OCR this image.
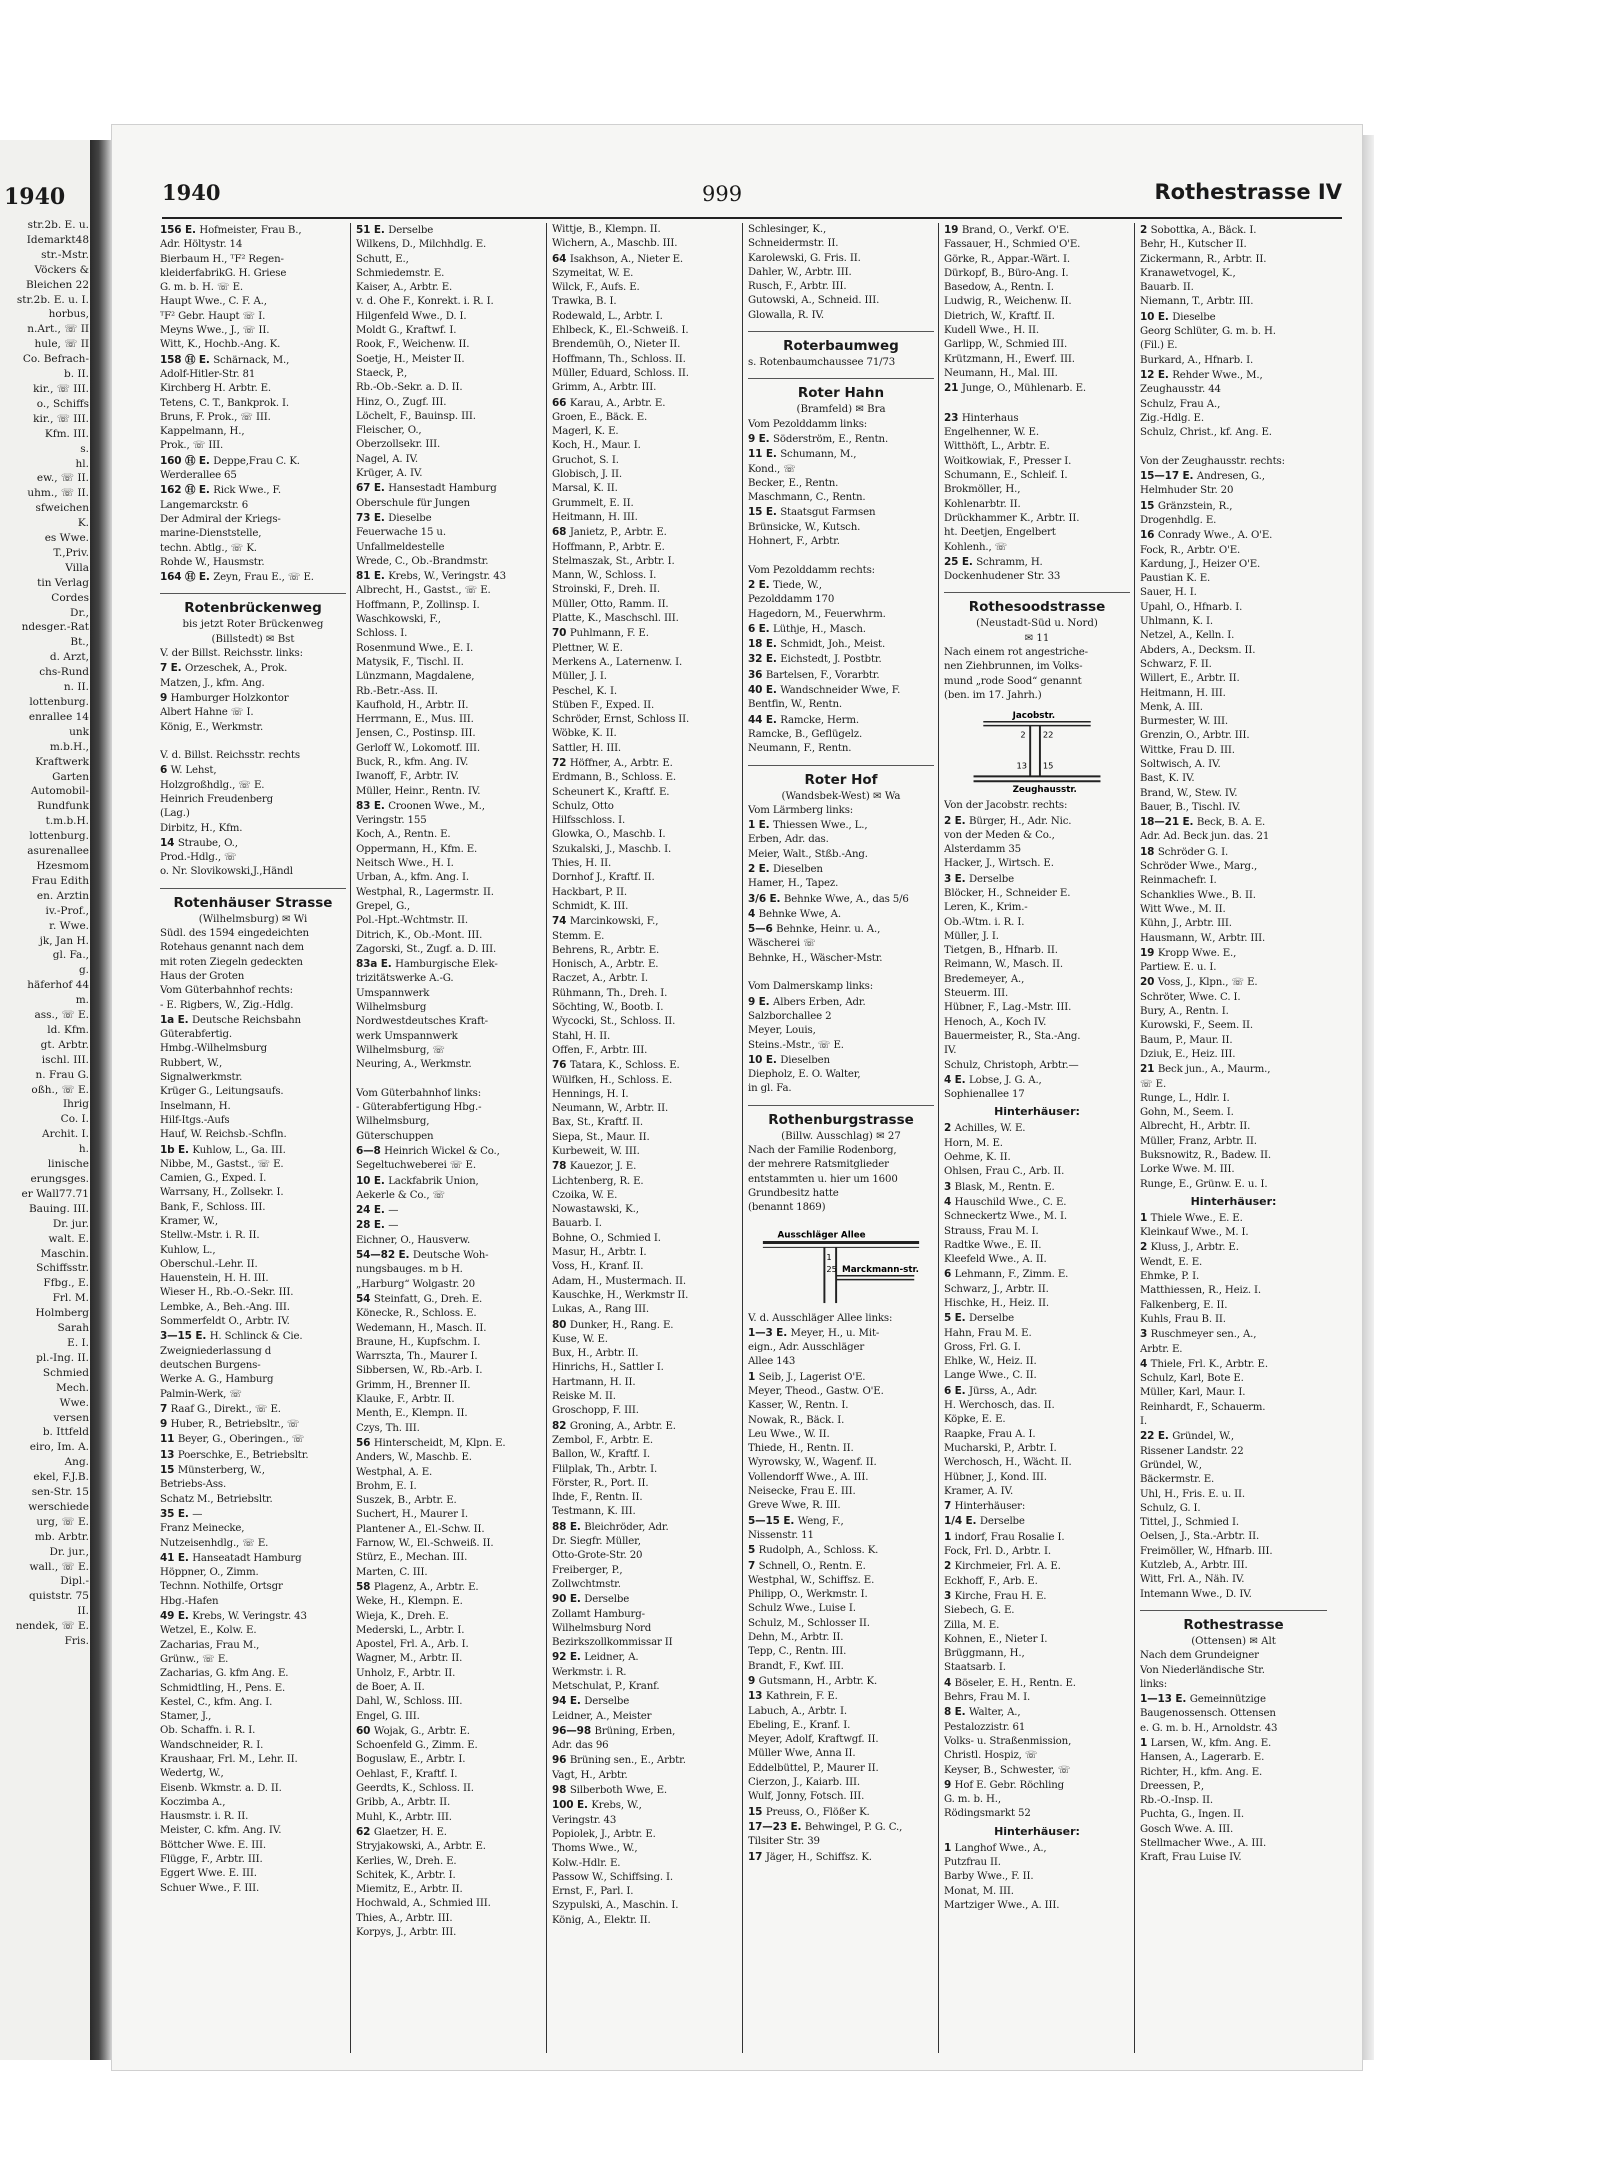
1940
str.2b. E. u.
Idemarkt48
str.-Mstr.
Vöckers &
Bleichen 22
str.2b. E. u. I.
horbus,
n.Art., ☏ II
hule, ☏ II
Co. Befrach-
b. II.
kir., ☏ III.
o., Schiffs
kir., ☏ III.
Kfm. III.
s.
hl.
ew., ☏ II.
uhm., ☏ II.
sfweichen
K.
es Wwe.
T.,Priv.
Villa
tin Verlag
Cordes
Dr.,
ndesger.-Rat
Bt.,
d. Arzt,
chs-Rund
n. II.
lottenburg.
enrallee 14
unk
m.b.H.,
Kraftwerk
Garten
Automobil-
Rundfunk
t.m.b.H.
lottenburg.
asurenallee
Hzesmom
Frau Edith
en. Arztin
iv.-Prof.,
r. Wwe.
jk, Jan H.
gl. Fa.,
g.
häferhof 44
m.
ass., ☏ E.
ld. Kfm.
gt. Arbtr.
ischl. III.
n. Frau G.
oßh., ☏ E.
Ihrig
Co. I.
Archit. I.
h.
linische
erungsges.
er Wall77.71
Bauing. III.
Dr. jur.
walt. E.
Maschin.
Schiffsstr.
Ffbg., E.
Frl. M.
Holmberg
Sarah
E. I.
pl.-Ing. II.
Schmied
Mech.
Wwe.
versen
b. Ittfeld
eiro, Im. A.
Ang.
ekel, F.J.B.
sen-Str. 15
werschiede
urg, ☏ E.
mb. Arbtr.
Dr. jur.,
wall., ☏ E.
Dipl.-
quiststr. 75
II.
nendek, ☏ E.
Fris.
1940	999	Rothestrasse IV
156 E. Hofmeister, Frau B.,
Adr. Höltystr. 14
Bierbaum H., ᵀF² Regen-
kleiderfabrikG. H. Griese
G. m. b. H. ☏ E.
Haupt Wwe., C. F. A.,
ᵀF² Gebr. Haupt ☏ I.
Meyns Wwe., J., ☏ II.
Witt, K., Hochb.-Ang. K.
158 Ⓗ E. Schärnack, M.,
Adolf-Hitler-Str. 81
Kirchberg H. Arbtr. E.
Tetens, C. T., Bankprok. I.
Bruns, F. Prok., ☏ III.
Kappelmann, H.,
Prok., ☏ III.
160 Ⓗ E. Deppe,Frau C. K.
Werderallee 65
162 Ⓗ E. Rick Wwe., F.
Langemarckstr. 6
Der Admiral der Kriegs-
marine-Dienststelle,
techn. Abtlg., ☏ K.
Rohde W., Hausmstr.
164 Ⓗ E. Zeyn, Frau E., ☏ E.
Rotenbrückenweg
bis jetzt Roter Brückenweg
(Billstedt) ✉ Bst
V. der Billst. Reichsstr. links:
7 E. Orzeschek, A., Prok.
Matzen, J., kfm. Ang.
9 Hamburger Holzkontor
Albert Hahne ☏ I.
König, E., Werkmstr.

V. d. Billst. Reichsstr. rechts
6 W. Lehst,
Holzgroßhdlg., ☏ E.
Heinrich Freudenberg
(Lag.)
Dirbitz, H., Kfm.
14 Straube, O.,
Prod.-Hdlg., ☏
o. Nr. Slovikowski,J.,Händl
Rotenhäuser Strasse
(Wilhelmsburg) ✉ Wi
Südl. des 1594 eingedeichten
Rotehaus genannt nach dem
mit roten Ziegeln gedeckten
Haus der Groten
Vom Güterbahnhof rechts:
- E. Rigbers, W., Zig.-Hdlg.
1a E. Deutsche Reichsbahn
Güterabfertig.
Hmbg.-Wilhelmsburg
Rubbert, W.,
Signalwerkmstr.
Krüger G., Leitungsaufs.
Inselmann, H.
Hilf-Itgs.-Aufs
Hauf, W. Reichsb.-Schfln.
1b E. Kuhlow, L., Ga. III.
Nibbe, M., Gastst., ☏ E.
Camien, G., Exped. I.
Warrsany, H., Zollsekr. I.
Bank, F., Schloss. III.
Kramer, W.,
Stellw.-Mstr. i. R. II.
Kuhlow, L.,
Oberschul.-Lehr. II.
Hauenstein, H. H. III.
Wieser H., Rb.-O.-Sekr. III.
Lembke, A., Beh.-Ang. III.
Sommerfeldt O., Arbtr. IV.
3—15 E. H. Schlinck & Cie.
Zweigniederlassung d
deutschen Burgens-
Werke A. G., Hamburg
Palmin-Werk, ☏
7 Raaf G., Direkt., ☏ E.
9 Huber, R., Betriebsltr., ☏
11 Beyer, G., Oberingen., ☏
13 Poerschke, E., Betriebsltr.
15 Münsterberg, W.,
Betriebs-Ass.
Schatz M., Betriebsltr.
35 E. —
Franz Meinecke,
Nutzeisenhdlg., ☏ E.
41 E. Hanseatadt Hamburg
Höppner, O., Zimm.
Technn. Nothilfe, Ortsgr
Hbg.-Hafen
49 E. Krebs, W. Veringstr. 43
Wetzel, E., Kolw. E.
Zacharias, Frau M.,
Grünw., ☏ E.
Zacharias, G. kfm Ang. E.
Schmidtling, H., Pens. E.
Kestel, C., kfm. Ang. I.
Stamer, J.,
Ob. Schaffn. i. R. I.
Wandschneider, R. I.
Kraushaar, Frl. M., Lehr. II.
Wedertg, W.,
Eisenb. Wkmstr. a. D. II.
Koczimba A.,
Hausmstr. i. R. II.
Meister, C. kfm. Ang. IV.
Böttcher Wwe. E. III.
Flügge, F., Arbtr. III.
Eggert Wwe. E. III.
Schuer Wwe., F. III.
51 E. Derselbe
Wilkens, D., Milchhdlg. E.
Schutt, E.,
Schmiedemstr. E.
Kaiser, A., Arbtr. E.
v. d. Ohe F., Konrekt. i. R. I.
Hilgenfeld Wwe., D. I.
Moldt G., Kraftwf. I.
Rook, F., Weichenw. II.
Soetje, H., Meister II.
Staeck, P.,
Rb.-Ob.-Sekr. a. D. II.
Hinz, O., Zugf. III.
Löchelt, F., Bauinsp. III.
Fleischer, O.,
Oberzollsekr. III.
Nagel, A. IV.
Krüger, A. IV.
67 E. Hansestadt Hamburg
Oberschule für Jungen
73 E. Dieselbe
Feuerwache 15 u.
Unfallmeldestelle
Wrede, C., Ob.-Brandmstr.
81 E. Krebs, W., Veringstr. 43
Albrecht, H., Gastst., ☏ E.
Hoffmann, P., Zollinsp. I.
Waschkowski, F.,
Schloss. I.
Rosenmund Wwe., E. I.
Matysik, F., Tischl. II.
Lünzmann, Magdalene,
Rb.-Betr.-Ass. II.
Kaufhold, H., Arbtr. II.
Herrmann, E., Mus. III.
Jensen, C., Postinsp. III.
Gerloff W., Lokomotf. III.
Buck, R., kfm. Ang. IV.
Iwanoff, F., Arbtr. IV.
Müller, Heinr., Rentn. IV.
83 E. Croonen Wwe., M.,
Veringstr. 155
Koch, A., Rentn. E.
Oppermann, H., Kfm. E.
Neitsch Wwe., H. I.
Urban, A., kfm. Ang. I.
Westphal, R., Lagermstr. II.
Grepel, G.,
Pol.-Hpt.-Wchtmstr. II.
Ditrich, K., Ob.-Mont. III.
Zagorski, St., Zugf. a. D. III.
83a E. Hamburgische Elek-
trizitätswerke A.-G.
Umspannwerk
Wilhelmsburg
Nordwestdeutsches Kraft-
werk Umspannwerk
Wilhelmsburg, ☏
Neuring, A., Werkmstr.

Vom Güterbahnhof links:
- Güterabfertigung Hbg.-
Wilhelmsburg,
Güterschuppen
6—8 Heinrich Wickel & Co.,
Segeltuchweberei ☏ E.
10 E. Lackfabrik Union,
Aekerle & Co., ☏
24 E. —
28 E. —
Eichner, O., Hausverw.
54—82 E. Deutsche Woh-
nungsbauges. m b H.
„Harburg“ Wolgastr. 20
54 Steinfatt, G., Dreh. E.
Könecke, R., Schloss. E.
Wedemann, H., Masch. II.
Braune, H., Kupfschm. I.
Warrszta, Th., Maurer I.
Sibbersen, W., Rb.-Arb. I.
Grimm, H., Brenner II.
Klauke, F., Arbtr. II.
Menth, E., Klempn. II.
Czys, Th. III.
56 Hinterscheidt, M, Klpn. E.
Anders, W., Maschb. E.
Westphal, A. E.
Brohm, E. I.
Suszek, B., Arbtr. E.
Suchert, H., Maurer I.
Plantener A., El.-Schw. II.
Farnow, W., El.-Schweiß. II.
Stürz, E., Mechan. III.
Marten, C. III.
58 Plagenz, A., Arbtr. E.
Weke, H., Klempn. E.
Wieja, K., Dreh. E.
Mederski, L., Arbtr. I.
Apostel, Frl. A., Arb. I.
Wagner, M., Arbtr. II.
Unholz, F., Arbtr. II.
de Boer, A. II.
Dahl, W., Schloss. III.
Engel, G. III.
60 Wojak, G., Arbtr. E.
Schoenfeld G., Zimm. E.
Boguslaw, E., Arbtr. I.
Oehlast, F., Kraftf. I.
Geerdts, K., Schloss. II.
Gribb, A., Arbtr. II.
Muhl, K., Arbtr. III.
62 Glaetzer, H. E.
Stryjakowski, A., Arbtr. E.
Kerlies, W., Dreh. E.
Schitek, K., Arbtr. I.
Miemitz, E., Arbtr. II.
Hochwald, A., Schmied III.
Thies, A., Arbtr. III.
Korpys, J., Arbtr. III.
Wittje, B., Klempn. II.
Wichern, A., Maschb. III.
64 Isakhson, A., Nieter E.
Szymeitat, W. E.
Wilck, F., Aufs. E.
Trawka, B. I.
Rodewald, L., Arbtr. I.
Ehlbeck, K., El.-Schweiß. I.
Brendemüh, O., Nieter II.
Hoffmann, Th., Schloss. II.
Müller, Eduard, Schloss. II.
Grimm, A., Arbtr. III.
66 Karau, A., Arbtr. E.
Groen, E., Bäck. E.
Magerl, K. E.
Koch, H., Maur. I.
Gruchot, S. I.
Globisch, J. II.
Marsal, K. II.
Grummelt, E. II.
Heitmann, H. III.
68 Janietz, P., Arbtr. E.
Hoffmann, P., Arbtr. E.
Stelmaszak, St., Arbtr. I.
Mann, W., Schloss. I.
Stroinski, F., Dreh. II.
Müller, Otto, Ramm. II.
Platte, K., Maschschl. III.
70 Puhlmann, F. E.
Plettner, W. E.
Merkens A., Laternenw. I.
Müller, J. I.
Peschel, K. I.
Stüben F., Exped. II.
Schröder, Ernst, Schloss II.
Wöbke, K. II.
Sattler, H. III.
72 Höffner, A., Arbtr. E.
Erdmann, B., Schloss. E.
Scheunert K., Kraftf. E.
Schulz, Otto
Hilfsschloss. I.
Glowka, O., Maschb. I.
Szukalski, J., Maschb. I.
Thies, H. II.
Dornhof J., Kraftf. II.
Hackbart, P. II.
Schmidt, K. III.
74 Marcinkowski, F.,
Stemm. E.
Behrens, R., Arbtr. E.
Honisch, A., Arbtr. E.
Raczet, A., Arbtr. I.
Rühmann, Th., Dreh. I.
Söchting, W., Bootb. I.
Wycocki, St., Schloss. II.
Stahl, H. II.
Offen, F., Arbtr. III.
76 Tatara, K., Schloss. E.
Wülfken, H., Schloss. E.
Hennings, H. I.
Neumann, W., Arbtr. II.
Bax, St., Kraftf. II.
Siepa, St., Maur. II.
Kurbeweit, W. III.
78 Kauezor, J. E.
Lichtenberg, R. E.
Czoika, W. E.
Nowastawski, K.,
Bauarb. I.
Bohne, O., Schmied I.
Masur, H., Arbtr. I.
Voss, H., Kranf. II.
Adam, H., Mustermach. II.
Kauschke, H., Werkmstr II.
Lukas, A., Rang III.
80 Dunker, H., Rang. E.
Kuse, W. E.
Bux, H., Arbtr. II.
Hinrichs, H., Sattler I.
Hartmann, H. II.
Reiske M. II.
Groschopp, F. III.
82 Groning, A., Arbtr. E.
Zembol, F., Arbtr. E.
Ballon, W., Kraftf. I.
Flilplak, Th., Arbtr. I.
Förster, R., Port. II.
Ihde, F., Rentn. II.
Testmann, K. III.
88 E. Bleichröder, Adr.
Dr. Siegfr. Müller,
Otto-Grote-Str. 20
Freiberger, P.,
Zollwchtmstr.
90 E. Derselbe
Zollamt Hamburg-
Wilhelmsburg Nord
Bezirkszollkommissar II
92 E. Leidner, A.
Werkmstr. i. R.
Metschulat, P., Kranf.
94 E. Derselbe
Leidner, A., Meister
96—98 Brüning, Erben,
Adr. das 96
96 Brüning sen., E., Arbtr.
Vagt, H., Arbtr.
98 Silberboth Wwe, E.
100 E. Krebs, W.,
Veringstr. 43
Popiolek, J., Arbtr. E.
Thoms Wwe., W.,
Kolw.-Hdlr. E.
Passow W., Schiffsing. I.
Ernst, F., Parl. I.
Szypulski, A., Maschin. I.
König, A., Elektr. II.
Schlesinger, K.,
Schneidermstr. II.
Karolewski, G. Fris. II.
Dahler, W., Arbtr. III.
Rusch, F., Arbtr. III.
Gutowski, A., Schneid. III.
Glowalla, R. IV.
Roterbaumweg
s. Rotenbaumchaussee 71/73
Roter Hahn
(Bramfeld) ✉ Bra
Vom Pezolddamm links:
9 E. Söderström, E., Rentn.
11 E. Schumann, M.,
Kond., ☏
Becker, E., Rentn.
Maschmann, C., Rentn.
15 E. Staatsgut Farmsen
Brünsicke, W., Kutsch.
Hohnert, F., Arbtr.

Vom Pezolddamm rechts:
2 E. Tiede, W.,
Pezolddamm 170
Hagedorn, M., Feuerwhrm.
6 E. Lüthje, H., Masch.
18 E. Schmidt, Joh., Meist.
32 E. Eichstedt, J. Postbtr.
36 Bartelsen, F., Vorarbtr.
40 E. Wandschneider Wwe, F.
Bentfin, W., Rentn.
44 E. Ramcke, Herm.
Ramcke, B., Geflügelz.
Neumann, F., Rentn.
Roter Hof
(Wandsbek-West) ✉ Wa
Vom Lärmberg links:
1 E. Thiessen Wwe., L.,
Erben, Adr. das.
Meier, Walt., Stßb.-Ang.
2 E. Dieselben
Hamer, H., Tapez.
3/6 E. Behnke Wwe, A., das 5/6
4 Behnke Wwe, A.
5—6 Behnke, Heinr. u. A.,
Wäscherei ☏
Behnke, H., Wäscher-Mstr.

Vom Dalmerskamp links:
9 E. Albers Erben, Adr.
Salzborchallee 2
Meyer, Louis,
Steins.-Mstr., ☏ E.
10 E. Dieselben
Diepholz, E. O. Walter,
in gl. Fa.
Rothenburgstrasse
(Billw. Ausschlag) ✉ 27
Nach der Familie Rodenborg,
der mehrere Ratsmitglieder
entstammten u. hier um 1600
Grundbesitz hatte
(benannt 1869)
Ausschläger Allee
1
25 Marckmann-str.
V. d. Ausschläger Allee links:
1—3 E. Meyer, H., u. Mit-
eign., Adr. Ausschläger
Allee 143
1 Seib, J., Lagerist O'E.
Meyer, Theod., Gastw. O'E.
Kasser, W., Rentn. I.
Nowak, R., Bäck. I.
Leu Wwe., W. II.
Thiede, H., Rentn. II.
Wyrowsky, W., Wagenf. II.
Vollendorff Wwe., A. III.
Neisecke, Frau E. III.
Greve Wwe, R. III.
5—15 E. Weng, F.,
Nissenstr. 11
5 Rudolph, A., Schloss. K.
7 Schnell, O., Rentn. E.
Westphal, W., Schiffsz. E.
Philipp, O., Werkmstr. I.
Schulz Wwe., Luise I.
Schulz, M., Schlosser II.
Dehn, M., Arbtr. II.
Tepp, C., Rentn. III.
Brandt, F., Kwf. III.
9 Gutsmann, H., Arbtr. K.
13 Kathrein, F. E.
Labuch, A., Arbtr. I.
Ebeling, E., Kranf. I.
Meyer, Adolf, Kraftwgf. II.
Müller Wwe, Anna II.
Eddelbüttel, P., Maurer II.
Cierzon, J., Kaiarb. III.
Wulf, Jonny, Fotsch. III.
15 Preuss, O., Flößer K.
17—23 E. Behwingel, P. G. C.,
Tilsiter Str. 39
17 Jäger, H., Schiffsz. K.
19 Brand, O., Verkf. O'E.
Fassauer, H., Schmied O'E.
Görke, R., Appar.-Wärt. I.
Dürkopf, B., Büro-Ang. I.
Basedow, A., Rentn. I.
Ludwig, R., Weichenw. II.
Dietrich, W., Kraftf. II.
Kudell Wwe., H. II.
Garlipp, W., Schmied III.
Krützmann, H., Ewerf. III.
Neumann, H., Mal. III.
21 Junge, O., Mühlenarb. E.

23 Hinterhaus
Engelhenner, W. E.
Witthöft, L., Arbtr. E.
Woitkowiak, F., Presser I.
Schumann, E., Schleif. I.
Brokmöller, H.,
Kohlenarbtr. II.
Drückhammer K., Arbtr. II.
ht. Deetjen, Engelbert
Kohlenh., ☏
25 E. Schramm, H.
Dockenhudener Str. 33
Rothesoodstrasse
(Neustadt-Süd u. Nord)
✉ 11
Nach einem rot angestriche-
nen Ziehbrunnen, im Volks-
mund „rode Sood“ genannt
(ben. im 17. Jahrh.)
Jacobstr.
2 22
13 15
Zeughausstr.
Von der Jacobstr. rechts:
2 E. Bürger, H., Adr. Nic.
von der Meden & Co.,
Alsterdamm 35
Hacker, J., Wirtsch. E.
3 E. Derselbe
Blöcker, H., Schneider E.
Leren, K., Krim.-
Ob.-Wtm. i. R. I.
Müller, J. I.
Tietgen, B., Hfnarb. II.
Reimann, W., Masch. II.
Bredemeyer, A.,
Steuerm. III.
Hübner, F., Lag.-Mstr. III.
Henoch, A., Koch IV.
Bauermeister, R., Sta.-Ang.
IV.
Schulz, Christoph, Arbtr.—
4 E. Lobse, J. G. A.,
Sophienallee 17
Hinterhäuser:
2 Achilles, W. E.
Horn, M. E.
Oehme, K. II.
Ohlsen, Frau C., Arb. II.
3 Blask, M., Rentn. E.
4 Hauschild Wwe., C. E.
Schneckertz Wwe., M. I.
Strauss, Frau M. I.
Radtke Wwe., E. II.
Kleefeld Wwe., A. II.
6 Lehmann, F., Zimm. E.
Schwarz, J., Arbtr. II.
Hischke, H., Heiz. II.
5 E. Derselbe
Hahn, Frau M. E.
Gross, Frl. G. I.
Ehlke, W., Heiz. II.
Lange Wwe., C. II.
6 E. Jürss, A., Adr.
H. Werchosch, das. II.
Köpke, E. E.
Raapke, Frau A. I.
Mucharski, P., Arbtr. I.
Werchosch, H., Wächt. II.
Hübner, J., Kond. III.
Kramer, A. IV.
7 Hinterhäuser:
1/4 E. Derselbe
1 indorf, Frau Rosalie I.
Fock, Frl. D., Arbtr. I.
2 Kirchmeier, Frl. A. E.
Eckhoff, F., Arb. E.
3 Kirche, Frau H. E.
Siebech, G. E.
Zilla, M. E.
Kohnen, E., Nieter I.
Brüggmann, H.,
Staatsarb. I.
4 Böseler, E. H., Rentn. E.
Behrs, Frau M. I.
8 E. Walter, A.,
Pestalozzistr. 61
Volks- u. Straßenmission,
Christl. Hospiz, ☏
Keyser, B., Schwester, ☏
9 Hof E. Gebr. Röchling
G. m. b. H.,
Rödingsmarkt 52
Hinterhäuser:
1 Langhof Wwe., A.,
Putzfrau II.
Barby Wwe., F. II.
Monat, M. III.
Martziger Wwe., A. III.
2 Sobottka, A., Bäck. I.
Behr, H., Kutscher II.
Zickermann, R., Arbtr. II.
Kranawetvogel, K.,
Bauarb. II.
Niemann, T., Arbtr. III.
10 E. Dieselbe
Georg Schlüter, G. m. b. H.
(Fil.) E.
Burkard, A., Hfnarb. I.
12 E. Rehder Wwe., M.,
Zeughausstr. 44
Schulz, Frau A.,
Zig.-Hdlg. E.
Schulz, Christ., kf. Ang. E.

Von der Zeughausstr. rechts:
15—17 E. Andresen, G.,
Helmhuder Str. 20
15 Gränzstein, R.,
Drogenhdlg. E.
16 Conrady Wwe., A. O'E.
Fock, R., Arbtr. O'E.
Kardung, J., Heizer O'E.
Paustian K. E.
Sauer, H. I.
Upahl, O., Hfnarb. I.
Uhlmann, K. I.
Netzel, A., Kelln. I.
Abders, A., Decksm. II.
Schwarz, F. II.
Willert, E., Arbtr. II.
Heitmann, H. III.
Menk, A. III.
Burmester, W. III.
Grenzin, O., Arbtr. III.
Wittke, Frau D. III.
Soltwisch, A. IV.
Bast, K. IV.
Brand, W., Stew. IV.
Bauer, B., Tischl. IV.
18—21 E. Beck, B. A. E.
Adr. Ad. Beck jun. das. 21
18 Schröder G. I.
Schröder Wwe., Marg.,
Reinmachefr. I.
Schanklies Wwe., B. II.
Witt Wwe., M. II.
Kühn, J., Arbtr. III.
Hausmann, W., Arbtr. III.
19 Kropp Wwe. E.,
Partiew. E. u. I.
20 Voss, J., Klpn., ☏ E.
Schröter, Wwe. C. I.
Bury, A., Rentn. I.
Kurowski, F., Seem. II.
Baum, P., Maur. II.
Dziuk, E., Heiz. III.
21 Beck jun., A., Maurm.,
☏ E.
Runge, L., Hdlr. I.
Gohn, M., Seem. I.
Albrecht, H., Arbtr. II.
Müller, Franz, Arbtr. II.
Buksnowitz, R., Badew. II.
Lorke Wwe. M. III.
Runge, E., Grünw. E. u. I.
Hinterhäuser:
1 Thiele Wwe., E. E.
Kleinkauf Wwe., M. I.
2 Kluss, J., Arbtr. E.
Wendt, E. E.
Ehmke, P. I.
Matthiessen, R., Heiz. I.
Falkenberg, E. II.
Kuhls, Frau B. II.
3 Ruschmeyer sen., A.,
Arbtr. E.
4 Thiele, Frl. K., Arbtr. E.
Schulz, Karl, Bote E.
Müller, Karl, Maur. I.
Reinhardt, F., Schauerm.
I.
22 E. Gründel, W.,
Rissener Landstr. 22
Gründel, W.,
Bäckermstr. E.
Uhl, H., Fris. E. u. II.
Schulz, G. I.
Tittel, J., Schmied I.
Oelsen, J., Sta.-Arbtr. II.
Freimöller, W., Hfnarb. III.
Kutzleb, A., Arbtr. III.
Witt, Frl. A., Näh. IV.
Intemann Wwe., D. IV.
Rothestrasse
(Ottensen) ✉ Alt
Nach dem Grundeigner
Von Niederländische Str.
links:
1—13 E. Gemeinnützige
Baugenossensch. Ottensen
e. G. m. b. H., Arnoldstr. 43
1 Larsen, W., kfm. Ang. E.
Hansen, A., Lagerarb. E.
Richter, H., kfm. Ang. E.
Dreessen, P.,
Rb.-O.-Insp. II.
Puchta, G., Ingen. II.
Gosch Wwe. A. III.
Stellmacher Wwe., A. III.
Kraft, Frau Luise IV.
